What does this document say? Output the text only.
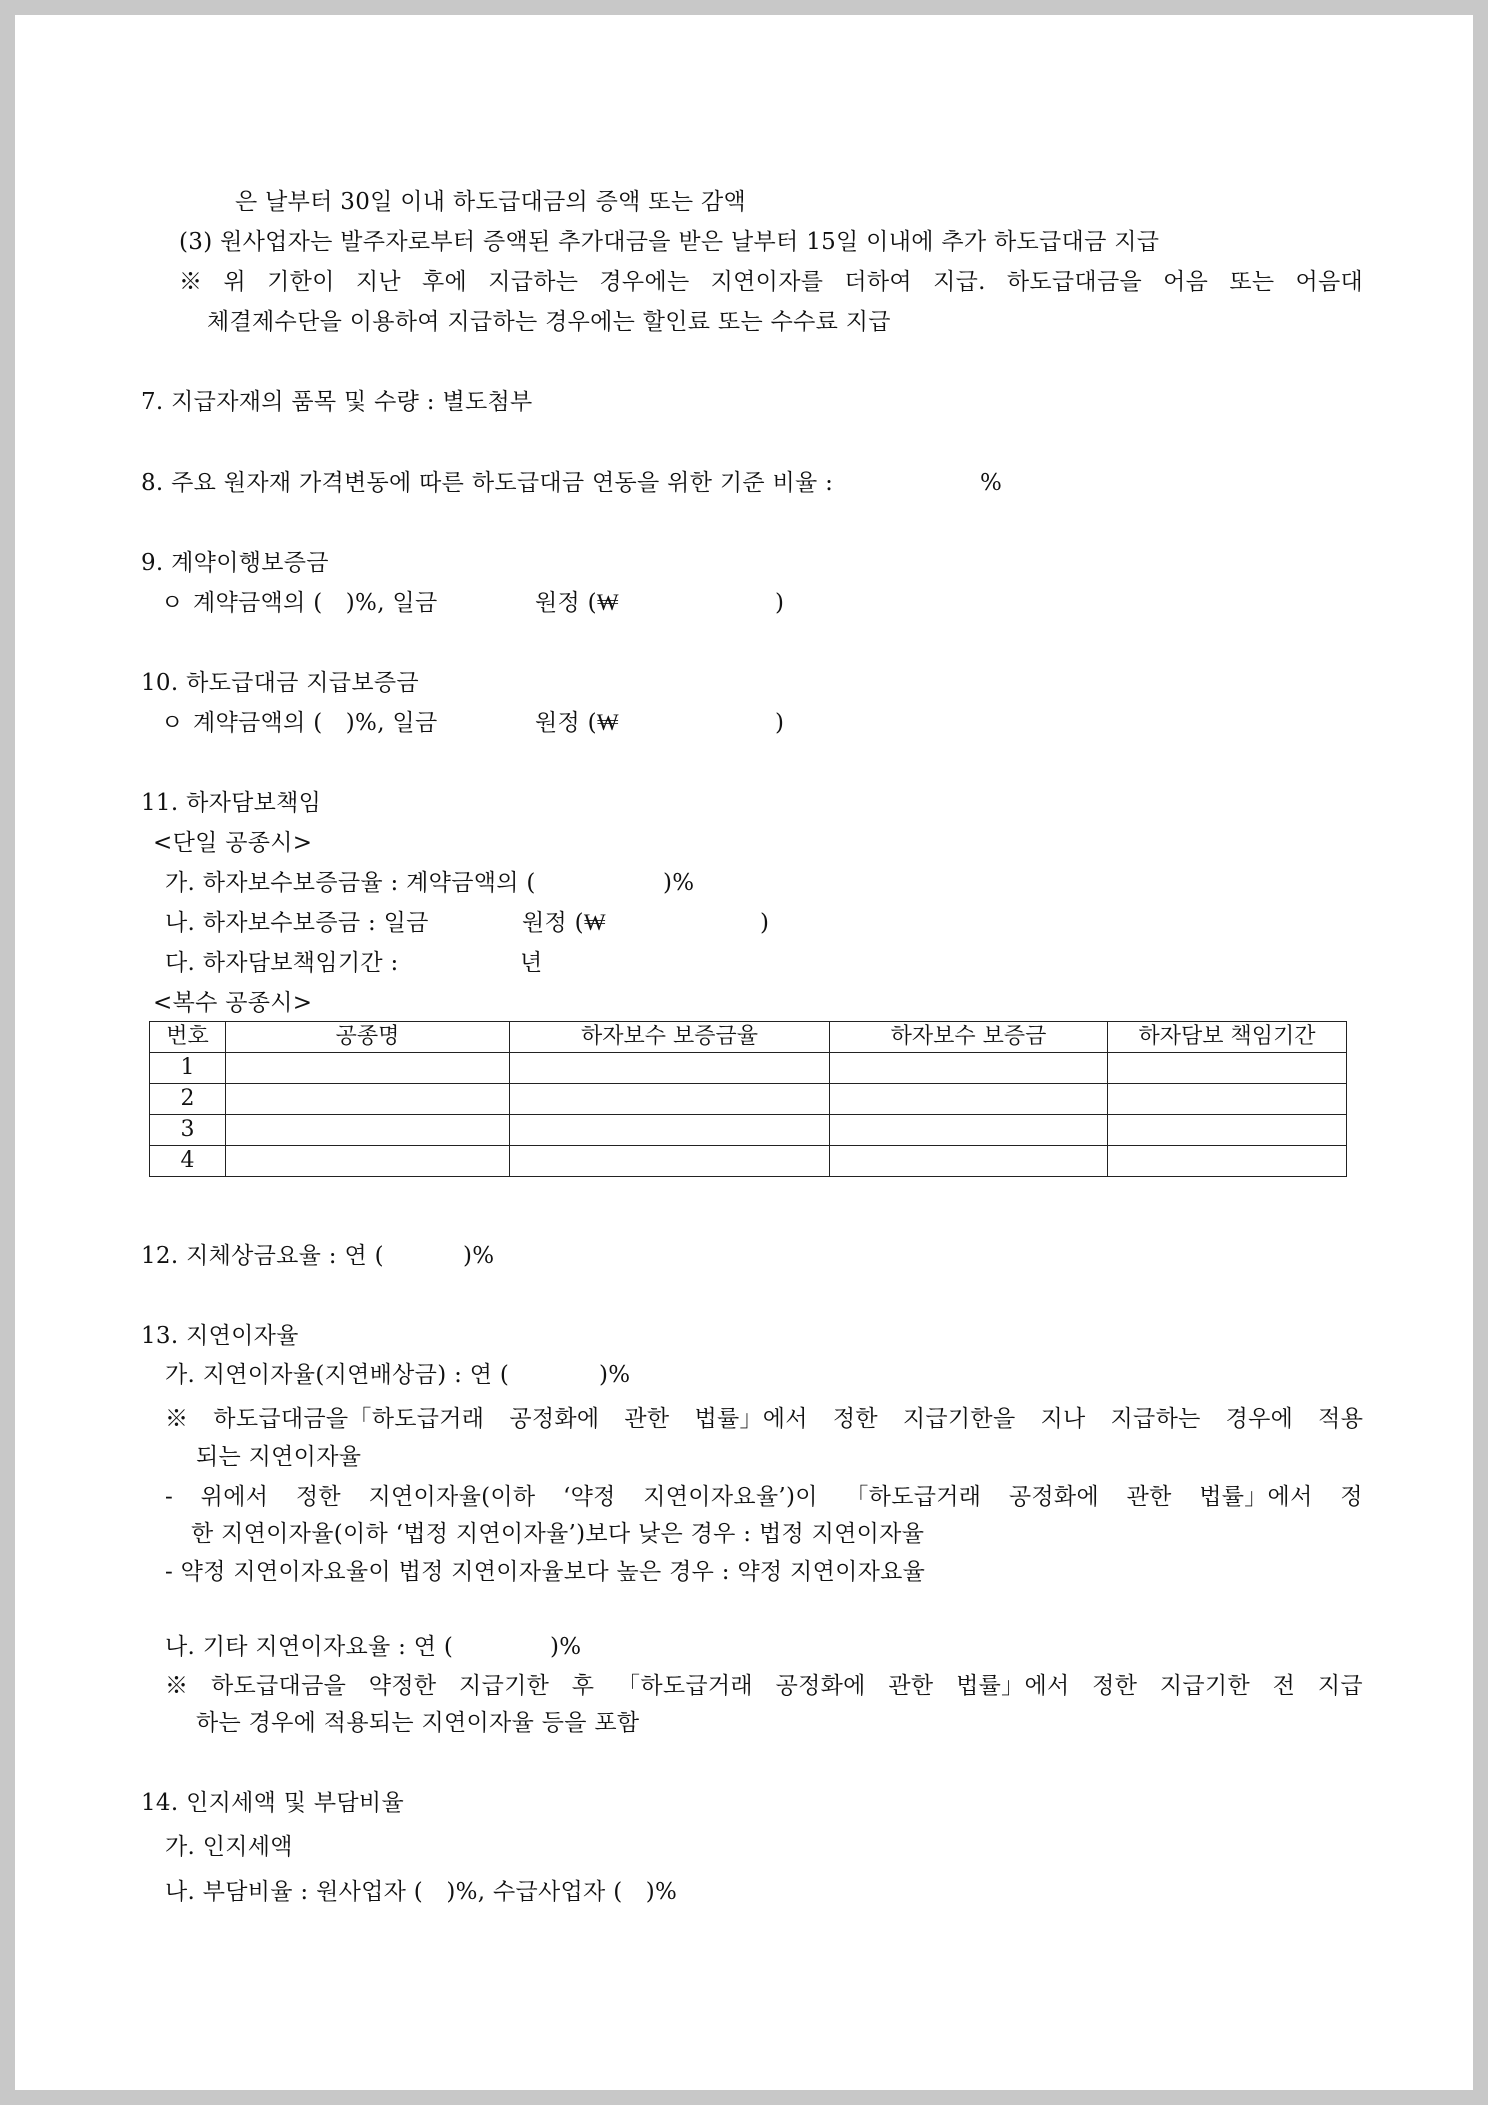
은 날부터 30일 이내 하도급대금의 증액 또는 감액
(3) 원사업자는 발주자로부터 증액된 추가대금을 받은 날부터 15일 이내에 추가 하도급대금 지급
※ 위 기한이 지난 후에 지급하는 경우에는 지연이자를 더하여 지급. 하도급대금을 어음 또는 어음대
체결제수단을 이용하여 지급하는 경우에는 할인료 또는 수수료 지급
7. 지급자재의 품목 및 수량 : 별도첨부
8. 주요 원자재 가격변동에 따른 하도급대금 연동을 위한 기준 비율 :	%
9. 계약이행보증금
ㅇ 계약금액의 (　)%, 일금	원정 (₩	)
10. 하도급대금 지급보증금
ㅇ 계약금액의 (　)%, 일금	원정 (₩	)
11. 하자담보책임
<단일 공종시>
가. 하자보수보증금율 : 계약금액의 (	)%
나. 하자보수보증금 : 일금	원정 (₩	)
다. 하자담보책임기간 :	년
<복수 공종시>
번호	공종명	하자보수 보증금율	하자보수 보증금	하자담보 책임기간
1				
2				
3				
4				
12. 지체상금요율 : 연 (	)%
13. 지연이자율
가. 지연이자율(지연배상금) : 연 (	)%
※ 하도급대금을「하도급거래 공정화에 관한 법률」에서 정한 지급기한을 지나 지급하는 경우에 적용
되는 지연이자율
- 위에서 정한 지연이자율(이하 ‘약정 지연이자요율’)이 「하도급거래 공정화에 관한 법률」에서 정
한 지연이자율(이하 ‘법정 지연이자율’)보다 낮은 경우 : 법정 지연이자율
- 약정 지연이자요율이 법정 지연이자율보다 높은 경우 : 약정 지연이자요율
나. 기타 지연이자요율 : 연 (	)%
※ 하도급대금을 약정한 지급기한 후 「하도급거래 공정화에 관한 법률」에서 정한 지급기한 전 지급
하는 경우에 적용되는 지연이자율 등을 포함
14. 인지세액 및 부담비율
가. 인지세액
나. 부담비율 : 원사업자 (　)%, 수급사업자 (　)%
